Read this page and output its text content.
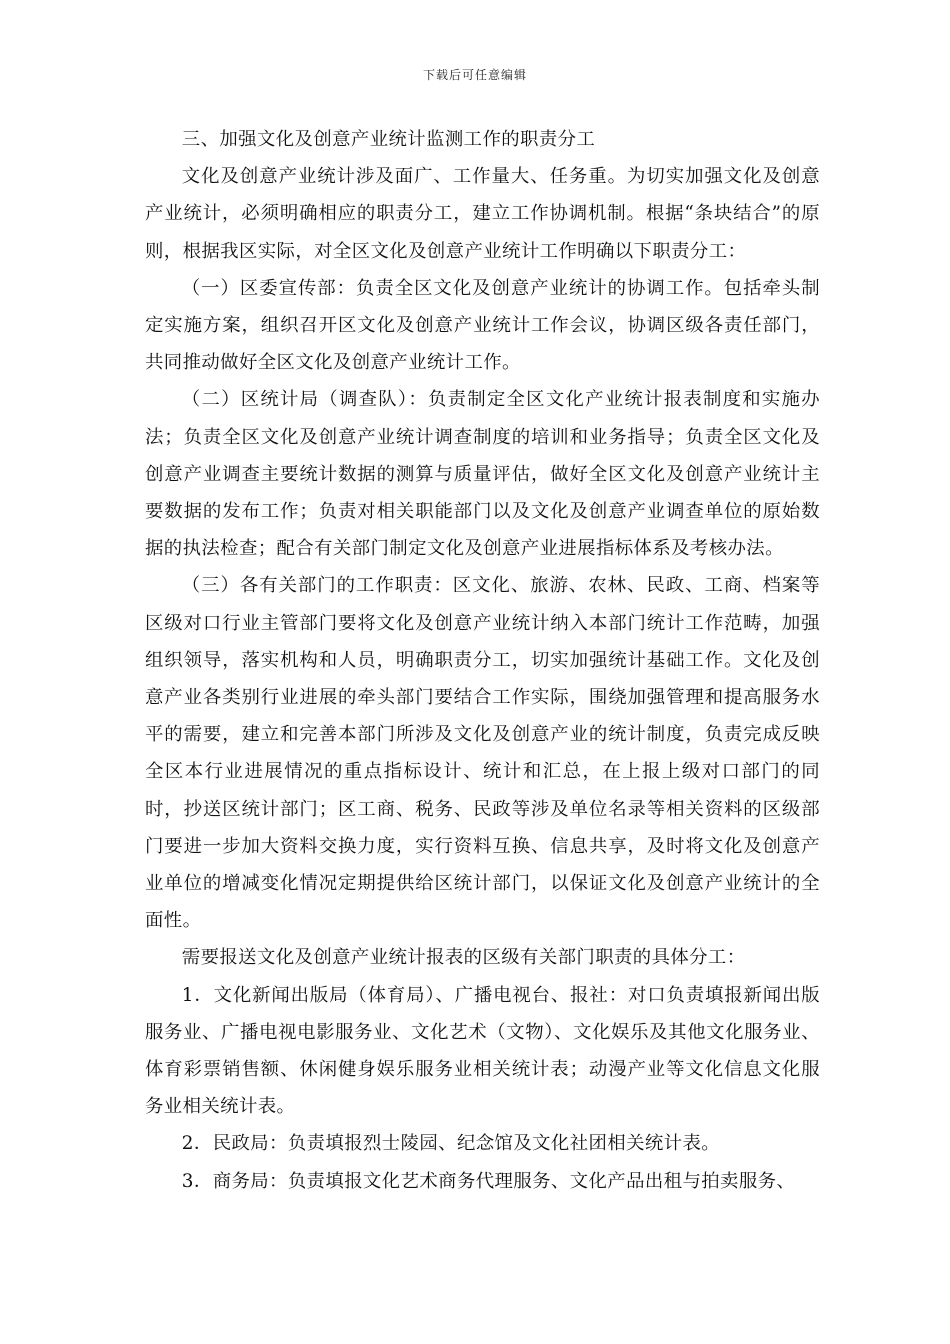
下载后可任意编辑

三、加强文化及创意产业统计监测工作的职责分工

文化及创意产业统计涉及面广、工作量大、任务重。为切实加强文化及创意产业统计，必须明确相应的职责分工，建立工作协调机制。根据“条块结合”的原则，根据我区实际，对全区文化及创意产业统计工作明确以下职责分工：

（一）区委宣传部：负责全区文化及创意产业统计的协调工作。包括牵头制定实施方案，组织召开区文化及创意产业统计工作会议，协调区级各责任部门，共同推动做好全区文化及创意产业统计工作。

（二）区统计局（调查队）：负责制定全区文化产业统计报表制度和实施办法；负责全区文化及创意产业统计调查制度的培训和业务指导；负责全区文化及创意产业调查主要统计数据的测算与质量评估，做好全区文化及创意产业统计主要数据的发布工作；负责对相关职能部门以及文化及创意产业调查单位的原始数据的执法检查；配合有关部门制定文化及创意产业进展指标体系及考核办法。

（三）各有关部门的工作职责：区文化、旅游、农林、民政、工商、档案等区级对口行业主管部门要将文化及创意产业统计纳入本部门统计工作范畴，加强组织领导，落实机构和人员，明确职责分工，切实加强统计基础工作。文化及创意产业各类别行业进展的牵头部门要结合工作实际，围绕加强管理和提高服务水平的需要，建立和完善本部门所涉及文化及创意产业的统计制度，负责完成反映全区本行业进展情况的重点指标设计、统计和汇总，在上报上级对口部门的同时，抄送区统计部门；区工商、税务、民政等涉及单位名录等相关资料的区级部门要进一步加大资料交换力度，实行资料互换、信息共享，及时将文化及创意产业单位的增减变化情况定期提供给区统计部门，以保证文化及创意产业统计的全面性。

需要报送文化及创意产业统计报表的区级有关部门职责的具体分工：

1．文化新闻出版局（体育局）、广播电视台、报社：对口负责填报新闻出版服务业、广播电视电影服务业、文化艺术（文物）、文化娱乐及其他文化服务业、体育彩票销售额、休闲健身娱乐服务业相关统计表；动漫产业等文化信息文化服务业相关统计表。

2．民政局：负责填报烈士陵园、纪念馆及文化社团相关统计表。

3．商务局：负责填报文化艺术商务代理服务、文化产品出租与拍卖服务、
